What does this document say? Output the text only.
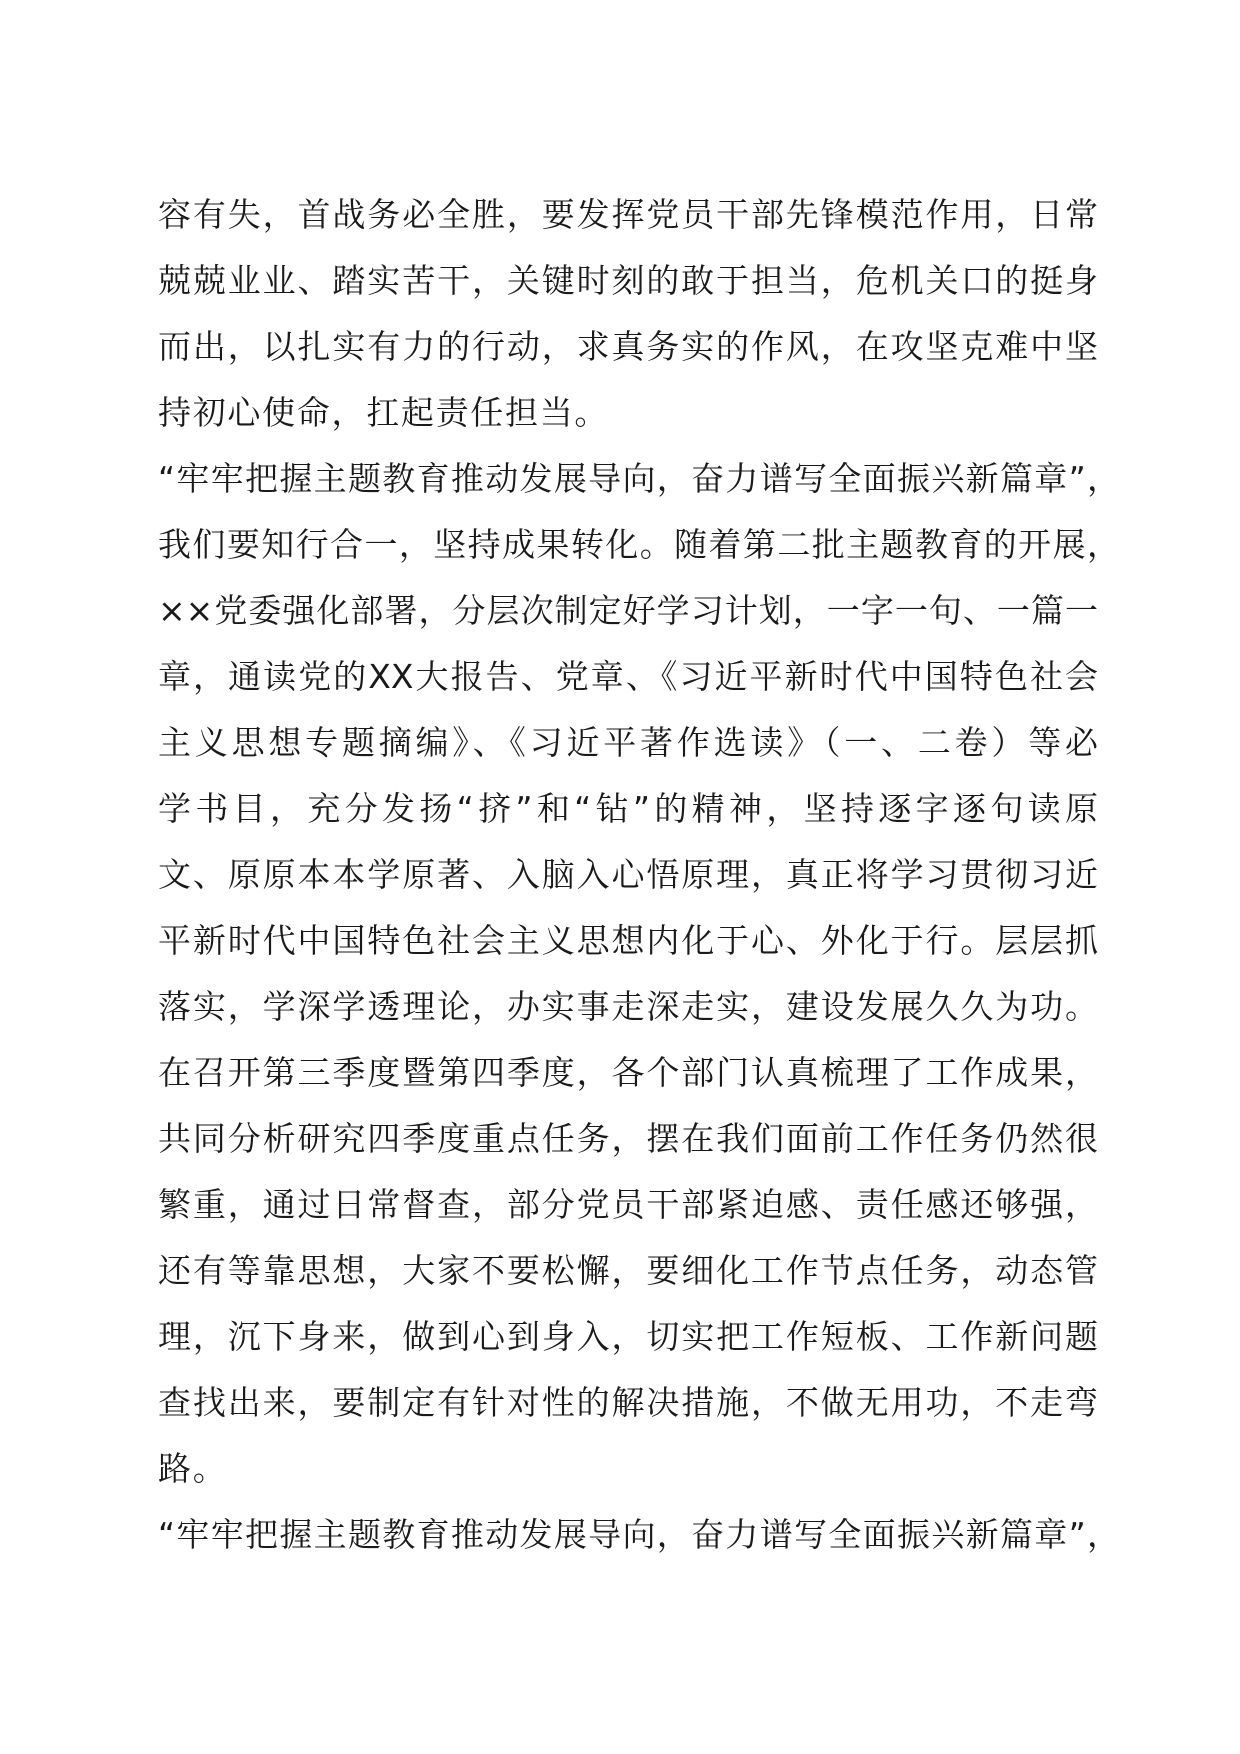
容有失，首战务必全胜，要发挥党员干部先锋模范作用，日常
兢兢业业、踏实苦干，关键时刻的敢于担当，危机关口的挺身
而出，以扎实有力的行动，求真务实的作风，在攻坚克难中坚
持初心使命，扛起责任担当。
“牢牢把握主题教育推动发展导向，奋力谱写全面振兴新篇章”，
我们要知行合一，坚持成果转化。随着第二批主题教育的开展，
××党委强化部署，分层次制定好学习计划，一字一句、一篇一
章，通读党的XX大报告、党章、《习近平新时代中国特色社会
主义思想专题摘编》、《习近平著作选读》（一、二卷）等必
学书目，充分发扬“挤”和“钻”的精神，坚持逐字逐句读原
文、原原本本学原著、入脑入心悟原理，真正将学习贯彻习近
平新时代中国特色社会主义思想内化于心、外化于行。层层抓
落实，学深学透理论，办实事走深走实，建设发展久久为功。
在召开第三季度暨第四季度，各个部门认真梳理了工作成果，
共同分析研究四季度重点任务，摆在我们面前工作任务仍然很
繁重，通过日常督查，部分党员干部紧迫感、责任感还够强，
还有等靠思想，大家不要松懈，要细化工作节点任务，动态管
理，沉下身来，做到心到身入，切实把工作短板、工作新问题
查找出来，要制定有针对性的解决措施，不做无用功，不走弯
路。
“牢牢把握主题教育推动发展导向，奋力谱写全面振兴新篇章”，
